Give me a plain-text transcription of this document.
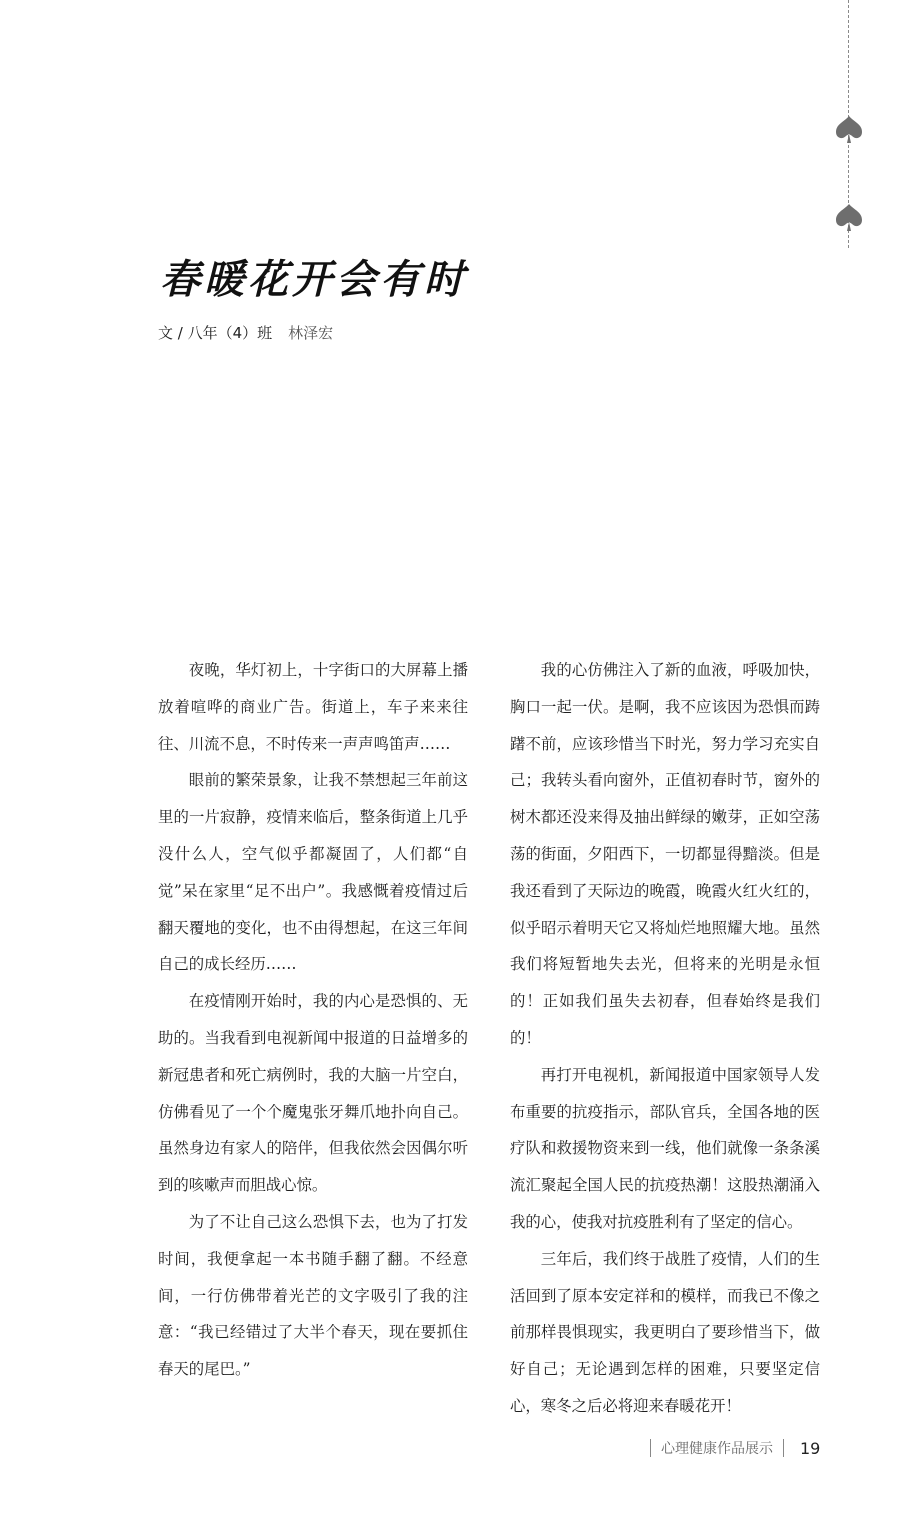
春暖花开会有时
文 / 八年（4）班 林泽宏

夜晚，华灯初上，十字街口的大屏幕上播放着喧哗的商业广告。街道上，车子来来往往、川流不息，不时传来一声声鸣笛声……

眼前的繁荣景象，让我不禁想起三年前这里的一片寂静，疫情来临后，整条街道上几乎没什么人，空气似乎都凝固了，人们都“自觉”呆在家里“足不出户”。我感慨着疫情过后翻天覆地的变化，也不由得想起，在这三年间自己的成长经历……

在疫情刚开始时，我的内心是恐惧的、无助的。当我看到电视新闻中报道的日益增多的新冠患者和死亡病例时，我的大脑一片空白，仿佛看见了一个个魔鬼张牙舞爪地扑向自己。虽然身边有家人的陪伴，但我依然会因偶尔听到的咳嗽声而胆战心惊。

为了不让自己这么恐惧下去，也为了打发时间，我便拿起一本书随手翻了翻。不经意间，一行仿佛带着光芒的文字吸引了我的注意：“我已经错过了大半个春天，现在要抓住春天的尾巴。”

我的心仿佛注入了新的血液，呼吸加快，胸口一起一伏。是啊，我不应该因为恐惧而踌躇不前，应该珍惜当下时光，努力学习充实自己；我转头看向窗外，正值初春时节，窗外的树木都还没来得及抽出鲜绿的嫩芽，正如空荡荡的街面，夕阳西下，一切都显得黯淡。但是我还看到了天际边的晚霞，晚霞火红火红的，似乎昭示着明天它又将灿烂地照耀大地。虽然我们将短暂地失去光，但将来的光明是永恒的！正如我们虽失去初春，但春始终是我们的！

再打开电视机，新闻报道中国家领导人发布重要的抗疫指示，部队官兵，全国各地的医疗队和救援物资来到一线，他们就像一条条溪流汇聚起全国人民的抗疫热潮！这股热潮涌入我的心，使我对抗疫胜利有了坚定的信心。

三年后，我们终于战胜了疫情，人们的生活回到了原本安定祥和的模样，而我已不像之前那样畏惧现实，我更明白了要珍惜当下，做好自己；无论遇到怎样的困难，只要坚定信心，寒冬之后必将迎来春暖花开！

心理健康作品展示 19
